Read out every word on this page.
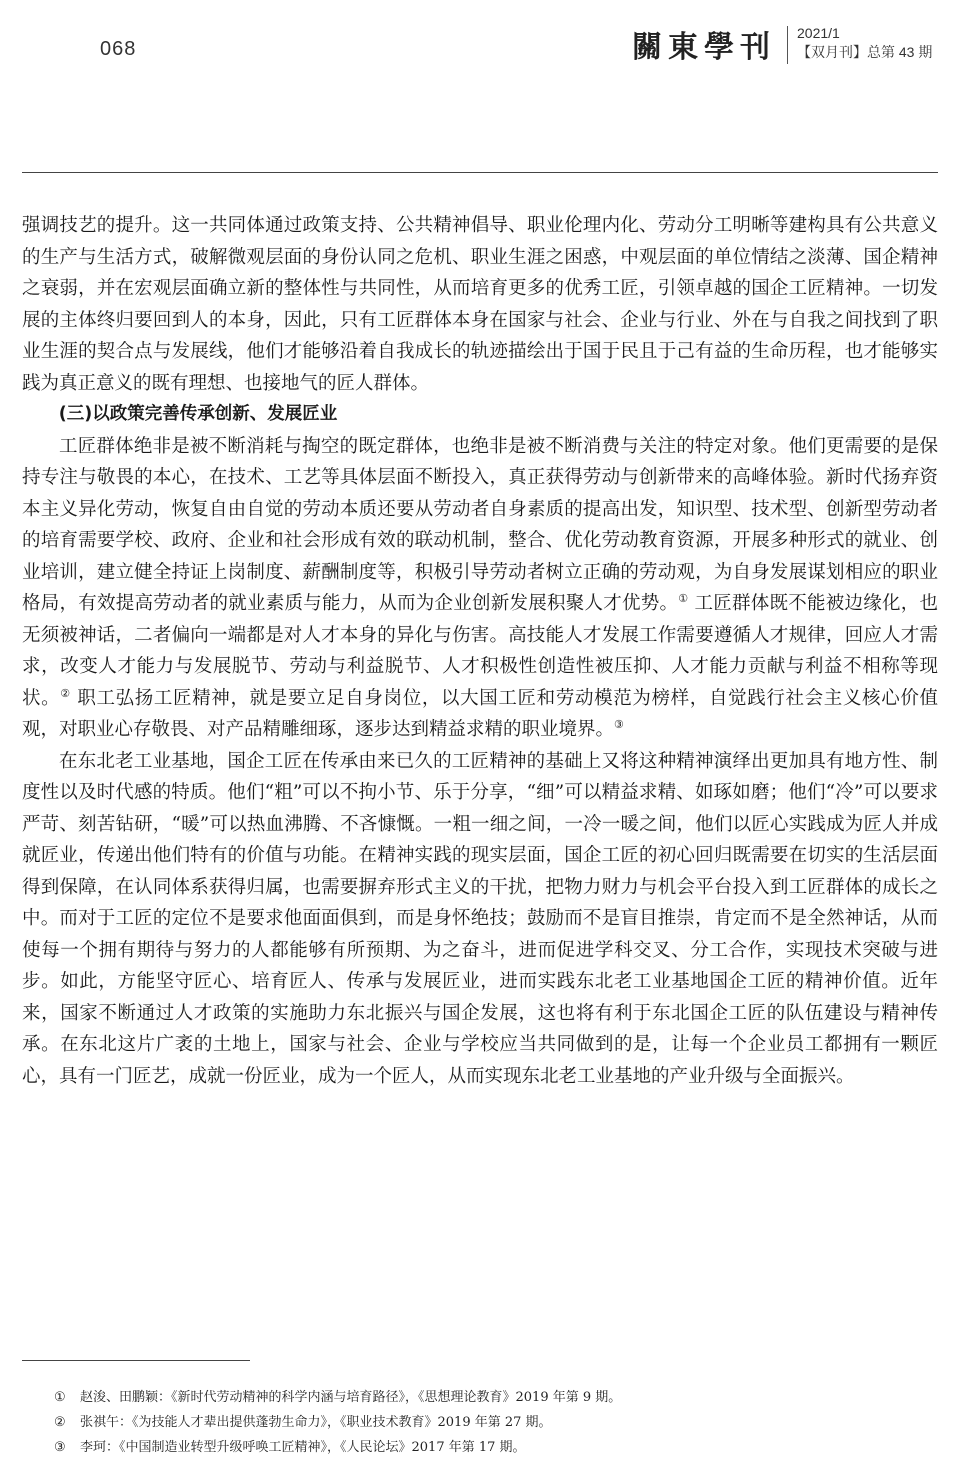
068	關東學刊 2021/1
【双月刊】总第 43 期

强调技艺的提升。这一共同体通过政策支持、公共精神倡导、职业伦理内化、劳动分工明晰等建构具有公共意义的生产与生活方式，破解微观层面的身份认同之危机、职业生涯之困惑，中观层面的单位情结之淡薄、国企精神之衰弱，并在宏观层面确立新的整体性与共同性，从而培育更多的优秀工匠，引领卓越的国企工匠精神。一切发展的主体终归要回到人的本身，因此，只有工匠群体本身在国家与社会、企业与行业、外在与自我之间找到了职业生涯的契合点与发展线，他们才能够沿着自我成长的轨迹描绘出于国于民且于己有益的生命历程，也才能够实践为真正意义的既有理想、也接地气的匠人群体。

(三)以政策完善传承创新、发展匠业

工匠群体绝非是被不断消耗与掏空的既定群体，也绝非是被不断消费与关注的特定对象。他们更需要的是保持专注与敬畏的本心，在技术、工艺等具体层面不断投入，真正获得劳动与创新带来的高峰体验。新时代扬弃资本主义异化劳动，恢复自由自觉的劳动本质还要从劳动者自身素质的提高出发，知识型、技术型、创新型劳动者的培育需要学校、政府、企业和社会形成有效的联动机制，整合、优化劳动教育资源，开展多种形式的就业、创业培训，建立健全持证上岗制度、薪酬制度等，积极引导劳动者树立正确的劳动观，为自身发展谋划相应的职业格局，有效提高劳动者的就业素质与能力，从而为企业创新发展积聚人才优势。① 工匠群体既不能被边缘化，也无须被神话，二者偏向一端都是对人才本身的异化与伤害。高技能人才发展工作需要遵循人才规律，回应人才需求，改变人才能力与发展脱节、劳动与利益脱节、人才积极性创造性被压抑、人才能力贡献与利益不相称等现状。② 职工弘扬工匠精神，就是要立足自身岗位，以大国工匠和劳动模范为榜样，自觉践行社会主义核心价值观，对职业心存敬畏、对产品精雕细琢，逐步达到精益求精的职业境界。③

在东北老工业基地，国企工匠在传承由来已久的工匠精神的基础上又将这种精神演绎出更加具有地方性、制度性以及时代感的特质。他们“粗”可以不拘小节、乐于分享，“细”可以精益求精、如琢如磨；他们“冷”可以要求严苛、刻苦钻研，“暖”可以热血沸腾、不吝慷慨。一粗一细之间，一冷一暖之间，他们以匠心实践成为匠人并成就匠业，传递出他们特有的价值与功能。在精神实践的现实层面，国企工匠的初心回归既需要在切实的生活层面得到保障，在认同体系获得归属，也需要摒弃形式主义的干扰，把物力财力与机会平台投入到工匠群体的成长之中。而对于工匠的定位不是要求他面面俱到，而是身怀绝技；鼓励而不是盲目推崇，肯定而不是全然神话，从而使每一个拥有期待与努力的人都能够有所预期、为之奋斗，进而促进学科交叉、分工合作，实现技术突破与进步。如此，方能坚守匠心、培育匠人、传承与发展匠业，进而实践东北老工业基地国企工匠的精神价值。近年来，国家不断通过人才政策的实施助力东北振兴与国企发展，这也将有利于东北国企工匠的队伍建设与精神传承。在东北这片广袤的土地上，国家与社会、企业与学校应当共同做到的是，让每一个企业员工都拥有一颗匠心，具有一门匠艺，成就一份匠业，成为一个匠人，从而实现东北老工业基地的产业升级与全面振兴。

① 赵浚、田鹏颖：《新时代劳动精神的科学内涵与培育路径》，《思想理论教育》2019 年第 9 期。
② 张祺午：《为技能人才辈出提供蓬勃生命力》，《职业技术教育》2019 年第 27 期。
③ 李珂：《中国制造业转型升级呼唤工匠精神》，《人民论坛》2017 年第 17 期。
